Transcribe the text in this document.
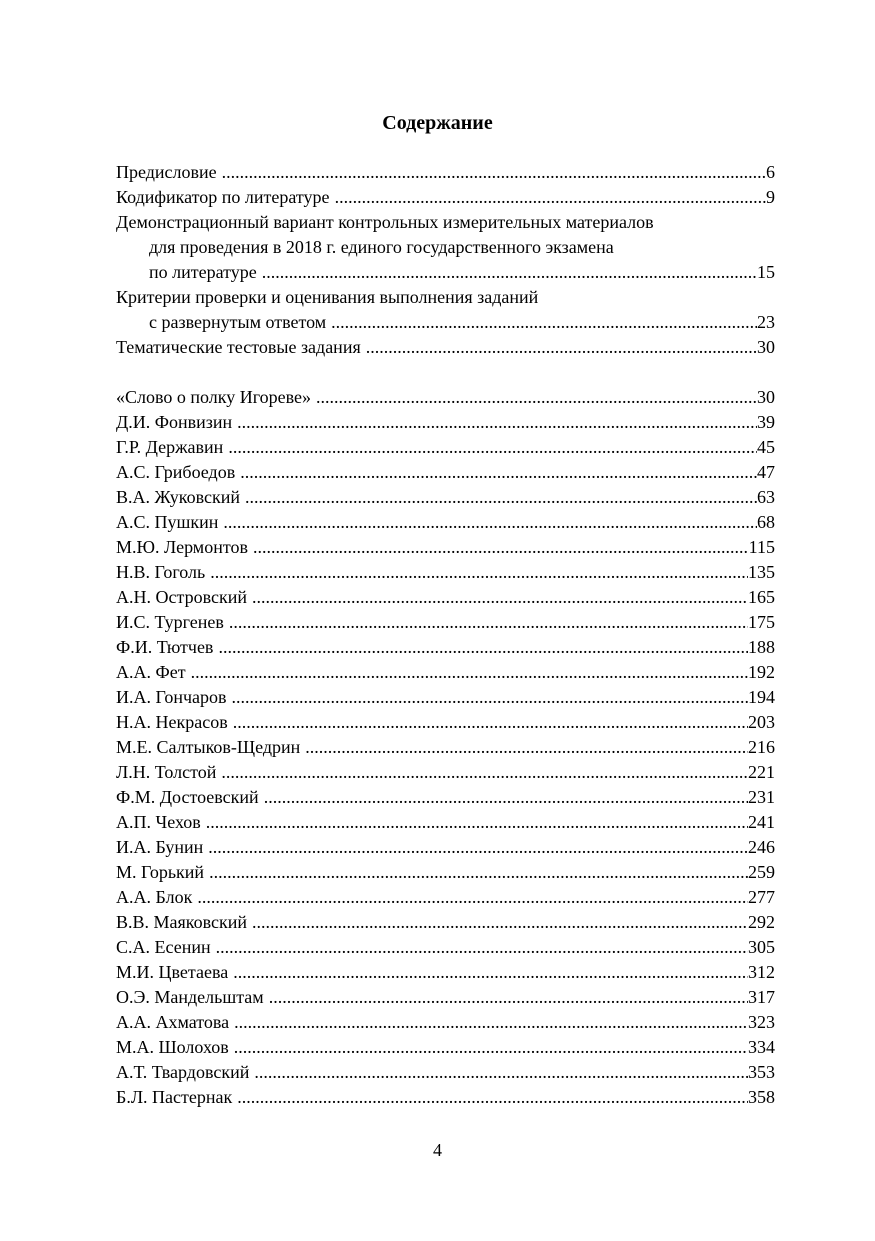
Содержание
Предисловие .....	6
Кодификатор по литературе .....	9
Демонстрационный вариант контрольных измерительных материалов
для проведения в 2018 г. единого государственного экзамена
по литературе .....	15
Критерии проверки и оценивания выполнения заданий
с развернутым ответом .....	23
Тематические тестовые задания .....	30
«Слово о полку Игореве» .....	30
Д.И. Фонвизин .....	39
Г.Р. Державин .....	45
А.С. Грибоедов .....	47
В.А. Жуковский .....	63
А.С. Пушкин .....	68
М.Ю. Лермонтов .....	115
Н.В. Гоголь .....	135
А.Н. Островский .....	165
И.С. Тургенев .....	175
Ф.И. Тютчев .....	188
А.А. Фет .....	192
И.А. Гончаров .....	194
Н.А. Некрасов .....	203
М.Е. Салтыков-Щедрин .....	216
Л.Н. Толстой .....	221
Ф.М. Достоевский .....	231
А.П. Чехов .....	241
И.А. Бунин .....	246
М. Горький .....	259
А.А. Блок .....	277
В.В. Маяковский .....	292
С.А. Есенин .....	305
М.И. Цветаева .....	312
О.Э. Мандельштам .....	317
А.А. Ахматова .....	323
М.А. Шолохов .....	334
А.Т. Твардовский .....	353
Б.Л. Пастернак .....	358
4
